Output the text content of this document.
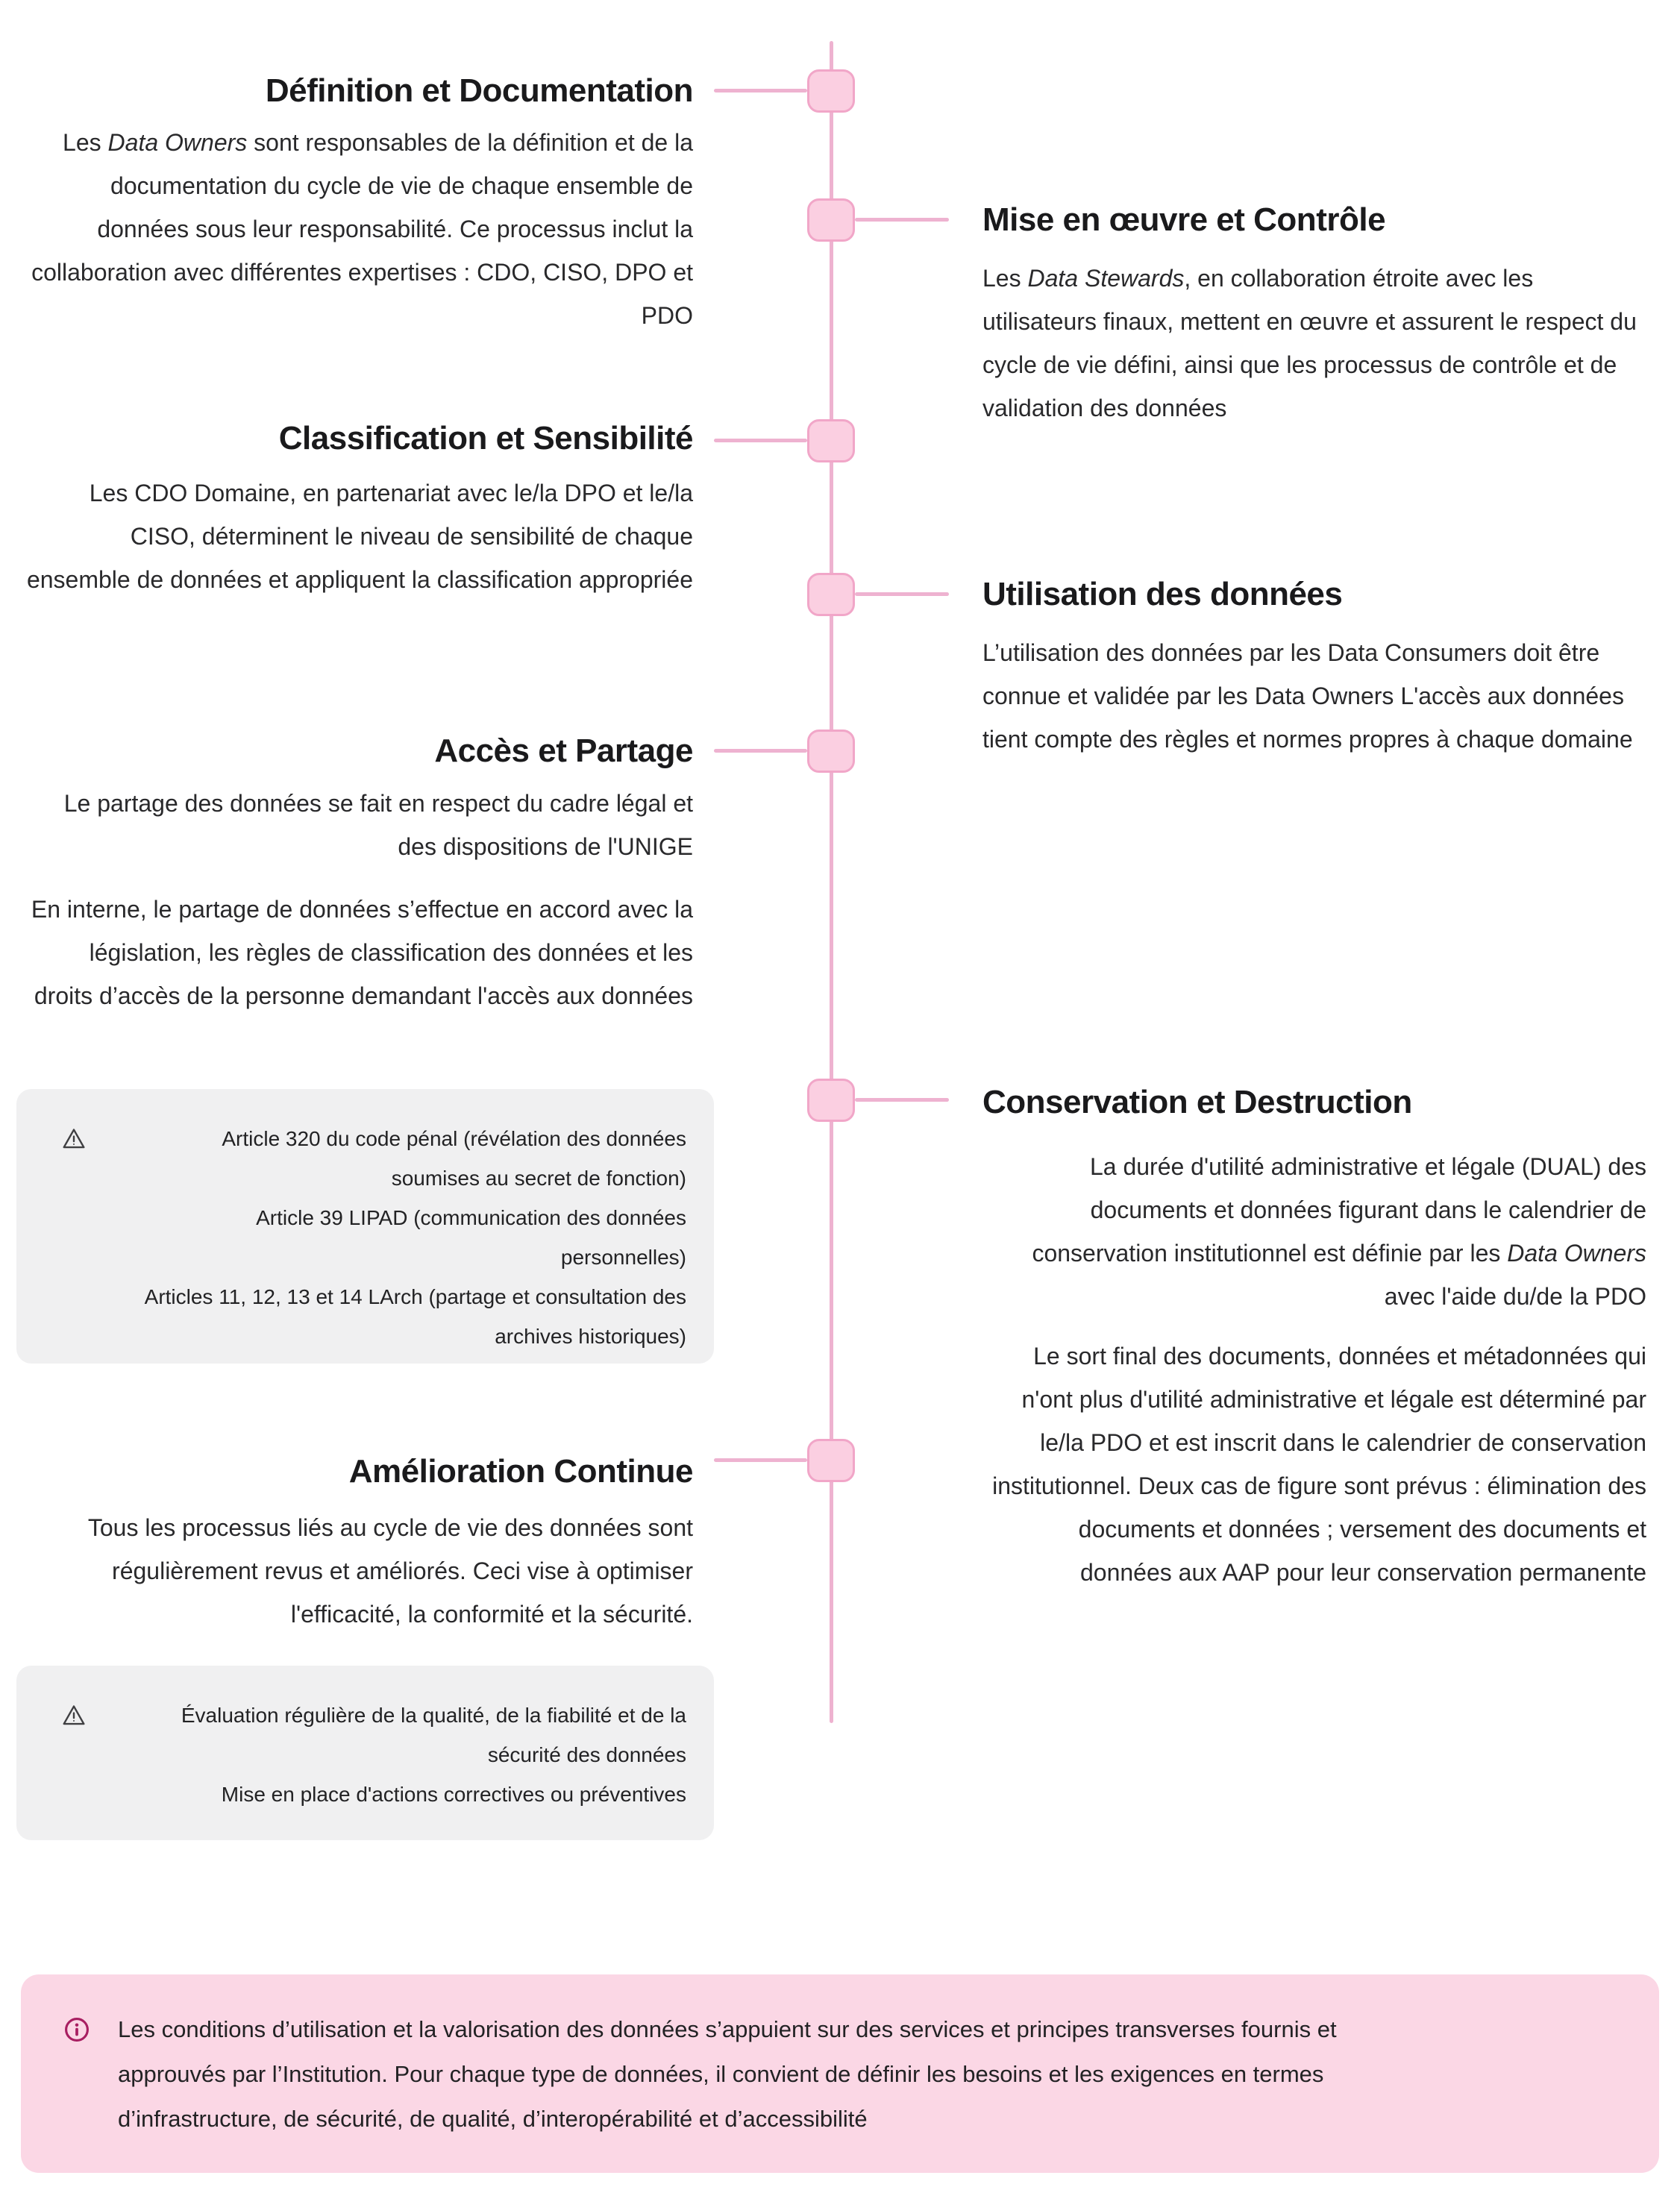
Définition et Documentation

Les Data Owners sont responsables de la définition et de la documentation du cycle de vie de chaque ensemble de données sous leur responsabilité. Ce processus inclut la collaboration avec différentes expertises : CDO, CISO, DPO et PDO

Classification et Sensibilité

Les CDO Domaine, en partenariat avec le/la DPO et le/la CISO, déterminent le niveau de sensibilité de chaque ensemble de données et appliquent la classification appropriée

Accès et Partage

Le partage des données se fait en respect du cadre légal et des dispositions de l'UNIGE

En interne, le partage de données s’effectue en accord avec la législation, les règles de classification des données et les droits d’accès de la personne demandant l'accès aux données

Amélioration Continue

Tous les processus liés au cycle de vie des données sont régulièrement revus et améliorés. Ceci vise à optimiser l'efficacité, la conformité et la sécurité.

Mise en œuvre et Contrôle

Les Data Stewards, en collaboration étroite avec les utilisateurs finaux, mettent en œuvre et assurent le respect du cycle de vie défini, ainsi que les processus de contrôle et de validation des données

Utilisation des données

L’utilisation des données par les Data Consumers doit être connue et validée par les Data Owners L'accès aux données tient compte des règles et normes propres à chaque domaine

Conservation et Destruction

La durée d'utilité administrative et légale (DUAL) des documents et données figurant dans le calendrier de conservation institutionnel est définie par les Data Owners avec l'aide du/de la PDO

Le sort final des documents, données et métadonnées qui n'ont plus d'utilité administrative et légale est déterminé par le/la PDO et est inscrit dans le calendrier de conservation institutionnel. Deux cas de figure sont prévus : élimination des documents et données ; versement des documents et données aux AAP pour leur conservation permanente

Article 320 du code pénal (révélation des données soumises au secret de fonction)
Article 39 LIPAD (communication des données personnelles)
Articles 11, 12, 13 et 14 LArch (partage et consultation des archives historiques)
Évaluation régulière de la qualité, de la fiabilité et de la sécurité des données
Mise en place d'actions correctives ou préventives
Les conditions d’utilisation et la valorisation des données s’appuient sur des services et principes transverses fournis et
approuvés par l’Institution. Pour chaque type de données, il convient de définir les besoins et les exigences en termes
d’infrastructure, de sécurité, de qualité, d’interopérabilité et d’accessibilité
